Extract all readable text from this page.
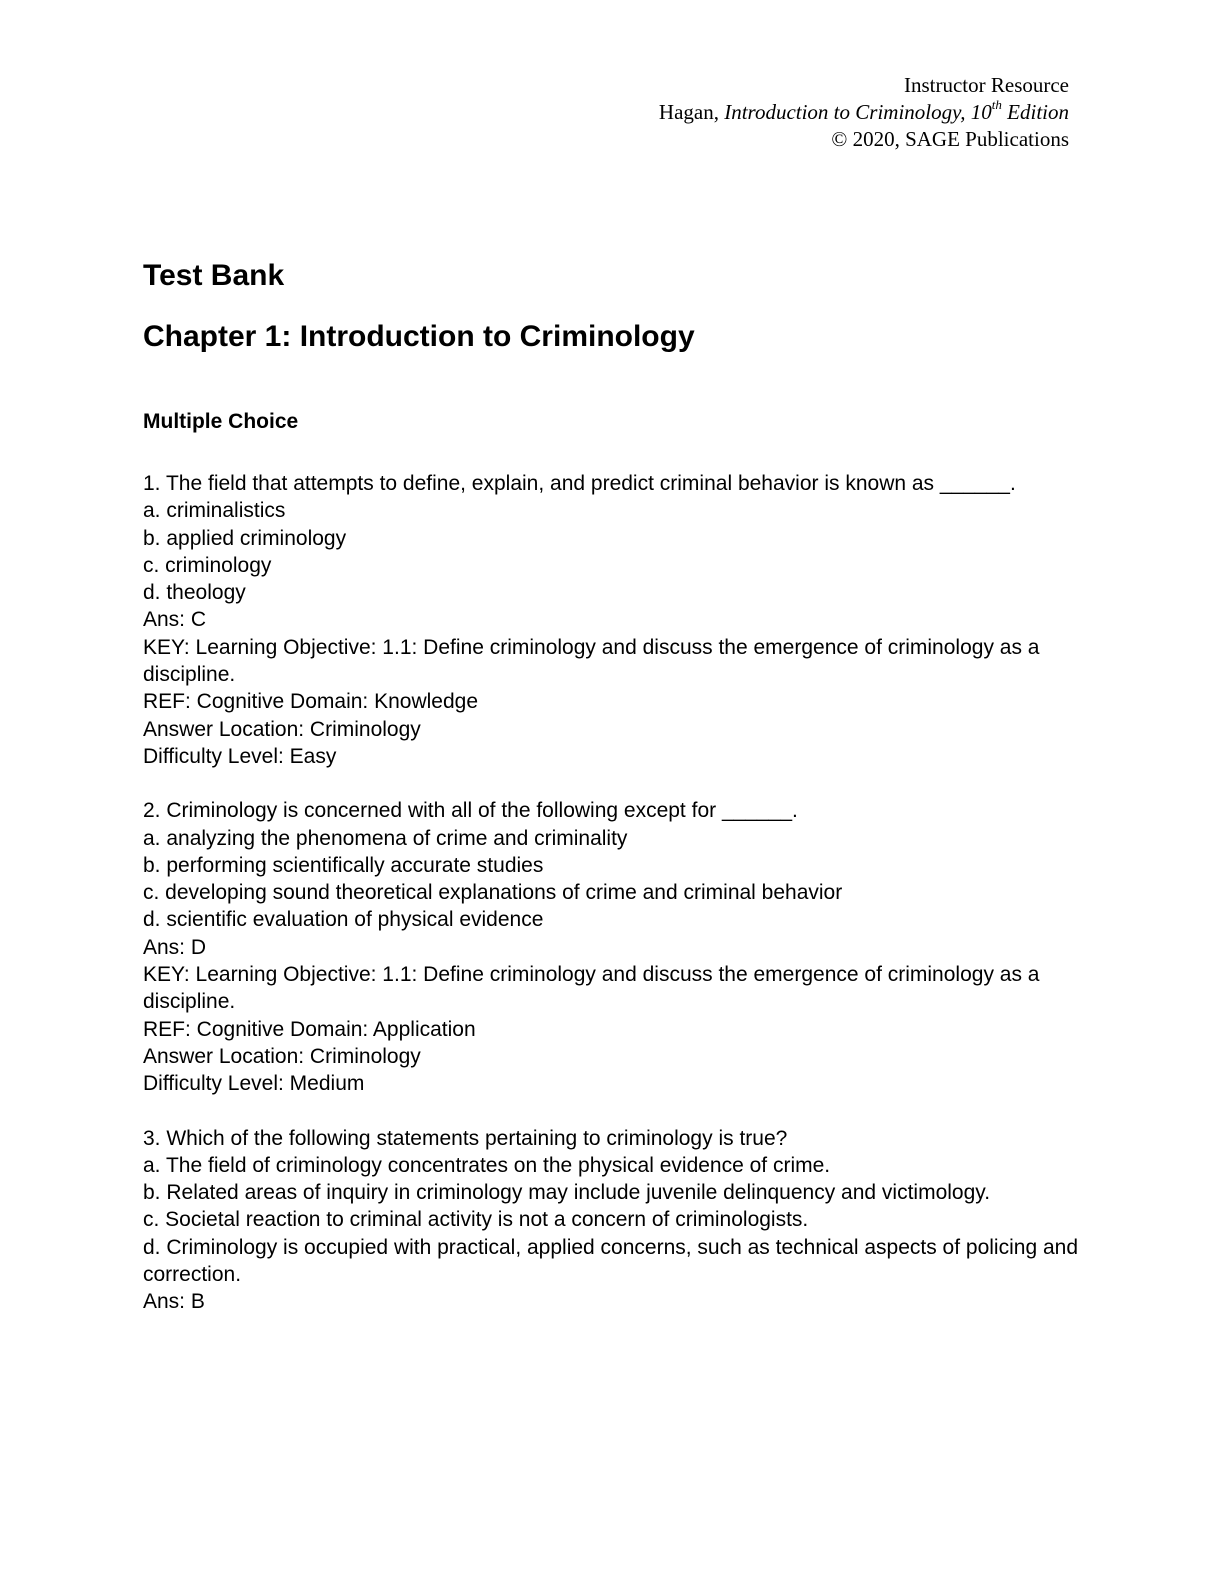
Instructor Resource
Hagan, Introduction to Criminology, 10th Edition
© 2020, SAGE Publications
Test Bank
Chapter 1: Introduction to Criminology
Multiple Choice
1. The field that attempts to define, explain, and predict criminal behavior is known as ______.
a. criminalistics
b. applied criminology
c. criminology
d. theology
Ans: C
KEY: Learning Objective: 1.1: Define criminology and discuss the emergence of criminology as a discipline.
REF: Cognitive Domain: Knowledge
Answer Location: Criminology
Difficulty Level: Easy
2. Criminology is concerned with all of the following except for ______.
a. analyzing the phenomena of crime and criminality
b. performing scientifically accurate studies
c. developing sound theoretical explanations of crime and criminal behavior
d. scientific evaluation of physical evidence
Ans: D
KEY: Learning Objective: 1.1: Define criminology and discuss the emergence of criminology as a discipline.
REF: Cognitive Domain: Application
Answer Location: Criminology
Difficulty Level: Medium
3. Which of the following statements pertaining to criminology is true?
a. The field of criminology concentrates on the physical evidence of crime.
b. Related areas of inquiry in criminology may include juvenile delinquency and victimology.
c. Societal reaction to criminal activity is not a concern of criminologists.
d. Criminology is occupied with practical, applied concerns, such as technical aspects of policing and correction.
Ans: B
